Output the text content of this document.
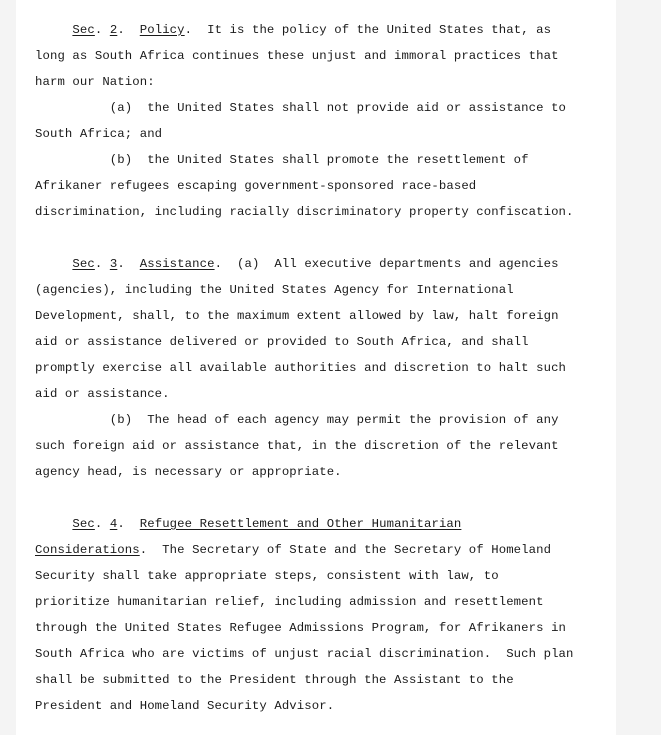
Sec. 2.  Policy.  It is the policy of the United States that, as

long as South Africa continues these unjust and immoral practices that

harm our Nation:

(a)  the United States shall not provide aid or assistance to

South Africa; and

(b)  the United States shall promote the resettlement of

Afrikaner refugees escaping government-sponsored race-based

discrimination, including racially discriminatory property confiscation.

Sec. 3.  Assistance.  (a)  All executive departments and agencies

(agencies), including the United States Agency for International

Development, shall, to the maximum extent allowed by law, halt foreign

aid or assistance delivered or provided to South Africa, and shall

promptly exercise all available authorities and discretion to halt such

aid or assistance.

(b)  The head of each agency may permit the provision of any

such foreign aid or assistance that, in the discretion of the relevant

agency head, is necessary or appropriate.

Sec. 4.  Refugee Resettlement and Other Humanitarian

Considerations.  The Secretary of State and the Secretary of Homeland

Security shall take appropriate steps, consistent with law, to

prioritize humanitarian relief, including admission and resettlement

through the United States Refugee Admissions Program, for Afrikaners in

South Africa who are victims of unjust racial discrimination.  Such plan

shall be submitted to the President through the Assistant to the

President and Homeland Security Advisor.
